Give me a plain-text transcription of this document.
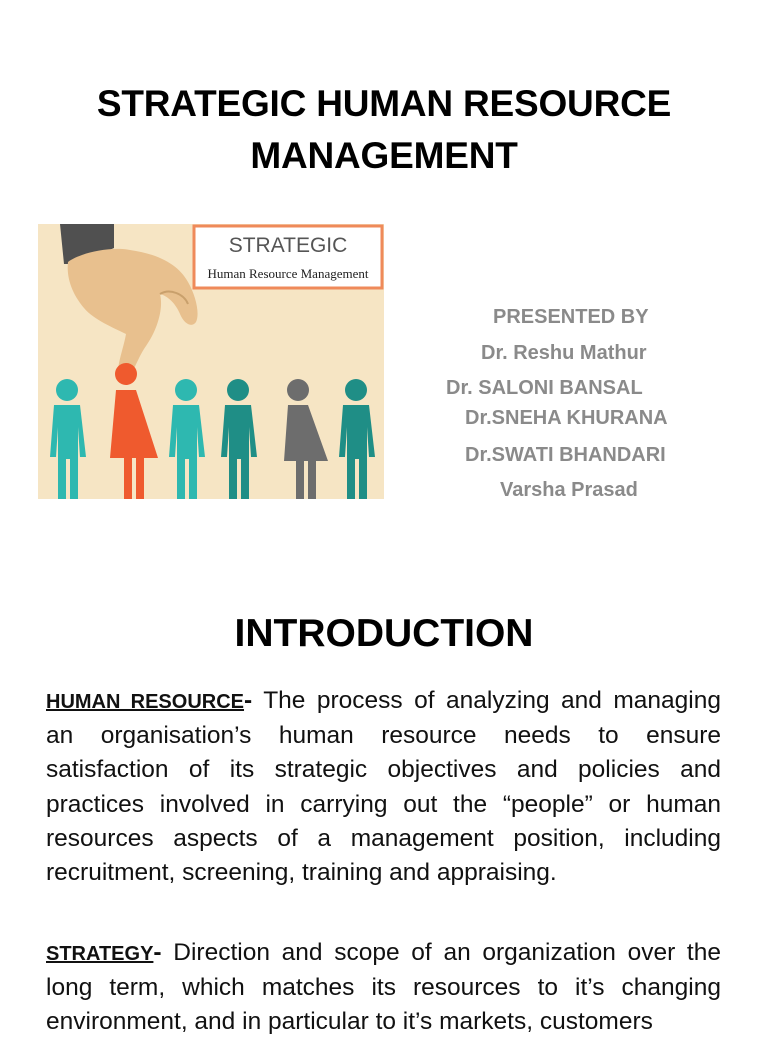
STRATEGIC HUMAN RESOURCE
MANAGEMENT
STRATEGIC
Human Resource Management
PRESENTED BY
Dr. Reshu Mathur
Dr. SALONI BANSAL
Dr.SNEHA KHURANA
Dr.SWATI BHANDARI
Varsha Prasad
INTRODUCTION
HUMAN RESOURCE- The process of analyzing and managing an organisation’s human resource needs to ensure satisfaction of its strategic objectives and policies and practices involved in carrying out the “people” or human resources aspects of a management position, including recruitment, screening, training and appraising.
STRATEGY- Direction and scope of an organization over the long term, which matches its resources to it’s changing environment, and in particular to it’s markets, customers
